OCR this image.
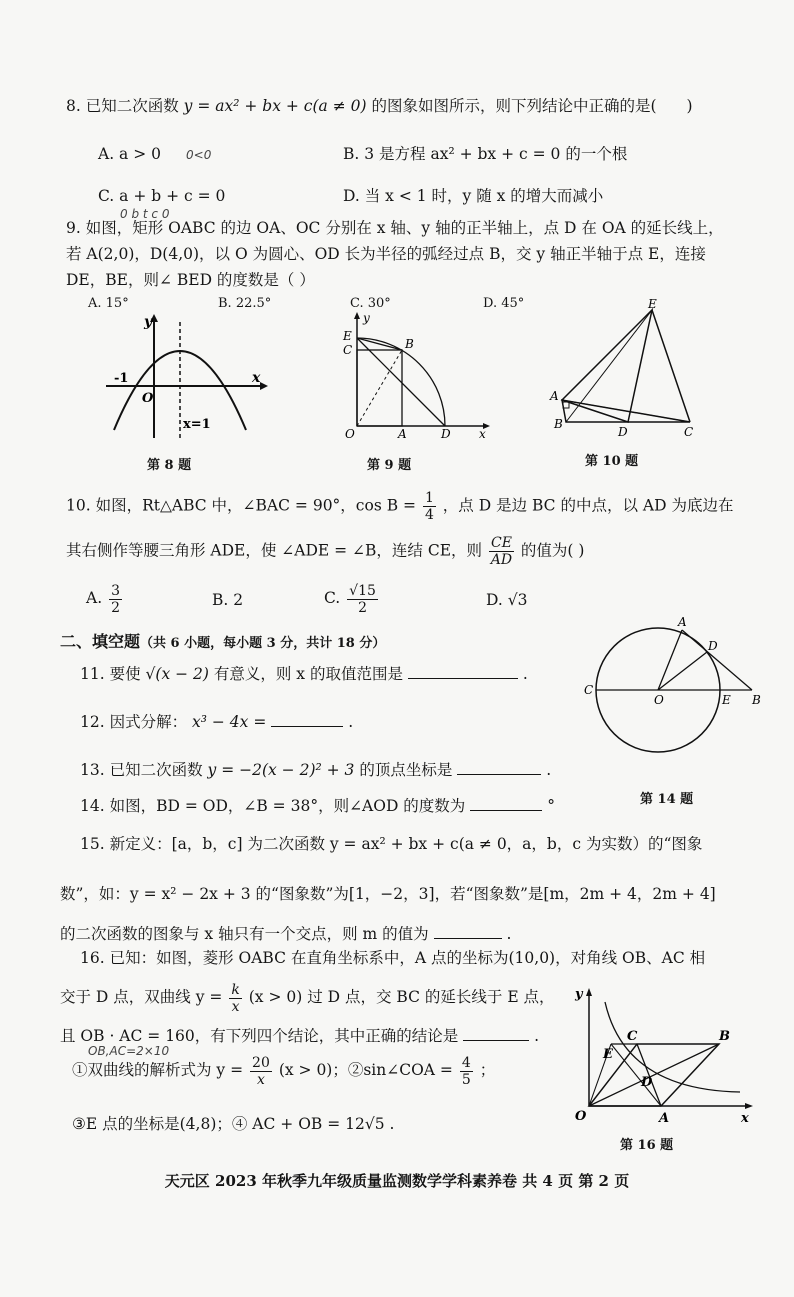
8. 已知二次函数 y = ax² + bx + c(a ≠ 0) 的图象如图所示，则下列结论中正确的是( )
A. a > 0 0<0	B. 3 是方程 ax² + bx + c = 0 的一个根
C. a + b + c = 0
0 b t c 0
D. 当 x < 1 时，y 随 x 的增大而减小
9. 如图，矩形 OABC 的边 OA、OC 分别在 x 轴、y 轴的正半轴上，点 D 在 OA 的延长线上，
若 A(2,0)，D(4,0)，以 O 为圆心、OD 长为半径的弧经过点 B，交 y 轴正半轴于点 E，连接
DE，BE，则∠ BED 的度数是（ ）
A. 15°	B. 22.5°	C. 30°	D. 45°
y
x
O
-1
x=1
第 8 题
E
C	B
y
O	A	D x
第 9 题
E
A
B
D	C
第 10 题
10. 如图，Rt△ABC 中，∠BAC = 90°，$\cos B = \frac{1}{4}$ ，点 D 是边 BC 的中点，以 AD 为底边在
其右侧作等腰三角形 ADE，使 ∠ADE = ∠B，连结 CE，则 $\frac{CE}{AD}$ 的值为( )
A. $\frac{3}{2}$	B. 2	C. $\frac{√15}{2}$	D. √3
二、填空题（共 6 小题，每小题 3 分，共计 18 分）
A
D
C
O	E B
第 14 题
11. 要使 √(x − 2) 有意义，则 x 的取值范围是	.
12. 因式分解： x³ − 4x =	.
13. 已知二次函数 y = −2(x − 2)² + 3 的顶点坐标是	.
14. 如图，BD = OD，∠B = 38°，则∠AOD 的度数为	°
15. 新定义：[a，b，c] 为二次函数 y = ax² + bx + c(a ≠ 0，a，b，c 为实数）的“图象
数”，如：y = x² − 2x + 3 的“图象数”为[1，−2，3]，若“图象数”是[m，2m + 4，2m + 4]
的二次函数的图象与 x 轴只有一个交点，则 m 的值为	.
16. 已知：如图，菱形 OABC 在直角坐标系中，A 点的坐标为(10,0)，对角线 OB、AC 相
交于 D 点，双曲线 $y = \frac{k}{x} (x > 0)$ 过 D 点，交 BC 的延长线于 E 点，
且 OB · AC = 160，有下列四个结论，其中正确的结论是	.
OB,AC=2×10
①双曲线的解析式为 $y = \frac{20}{x} (x > 0)$；②sin∠COA = $\frac{4}{5}$ ；
③E 点的坐标是(4,8)；④ AC + OB = 12√5 .
y
C	B
E
D
O	A	x
第 16 题
天元区 2023 年秋季九年级质量监测数学学科素养卷 共 4 页 第 2 页
